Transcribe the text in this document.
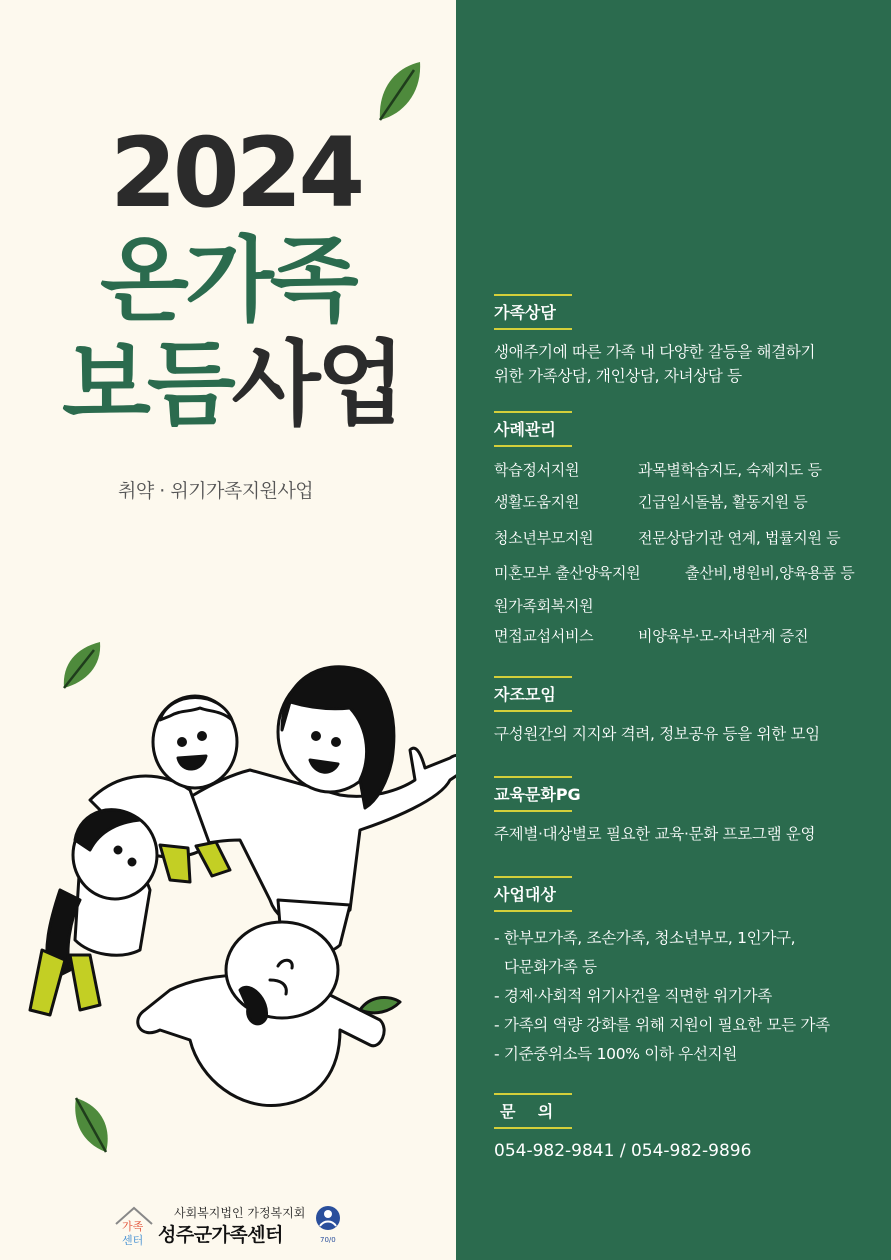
2024
온가족
보듬사업
취약 · 위기가족지원사업
가족
센터
사회복지법인 가정복지회
성주군가족센터	70/0
가족상담
생애주기에 따른 가족 내 다양한 갈등을 해결하기
위한 가족상담, 개인상담, 자녀상담 등
사례관리
학습정서지원	과목별학습지도, 숙제지도 등
생활도움지원	긴급일시돌봄, 활동지원 등
청소년부모지원	전문상담기관 연계, 법률지원 등
미혼모부 출산양육지원	출산비,병원비,양육용품 등
원가족회복지원
면접교섭서비스	비양육부·모-자녀관계 증진
자조모임
구성원간의 지지와 격려, 정보공유 등을 위한 모임
교육문화PG
주제별·대상별로 필요한 교육·문화 프로그램 운영
사업대상
- 한부모가족, 조손가족, 청소년부모, 1인가구,
다문화가족 등
- 경제·사회적 위기사건을 직면한 위기가족
- 가족의 역량 강화를 위해 지원이 필요한 모든 가족
- 기준중위소득 100% 이하 우선지원
문    의
054-982-9841 / 054-982-9896
